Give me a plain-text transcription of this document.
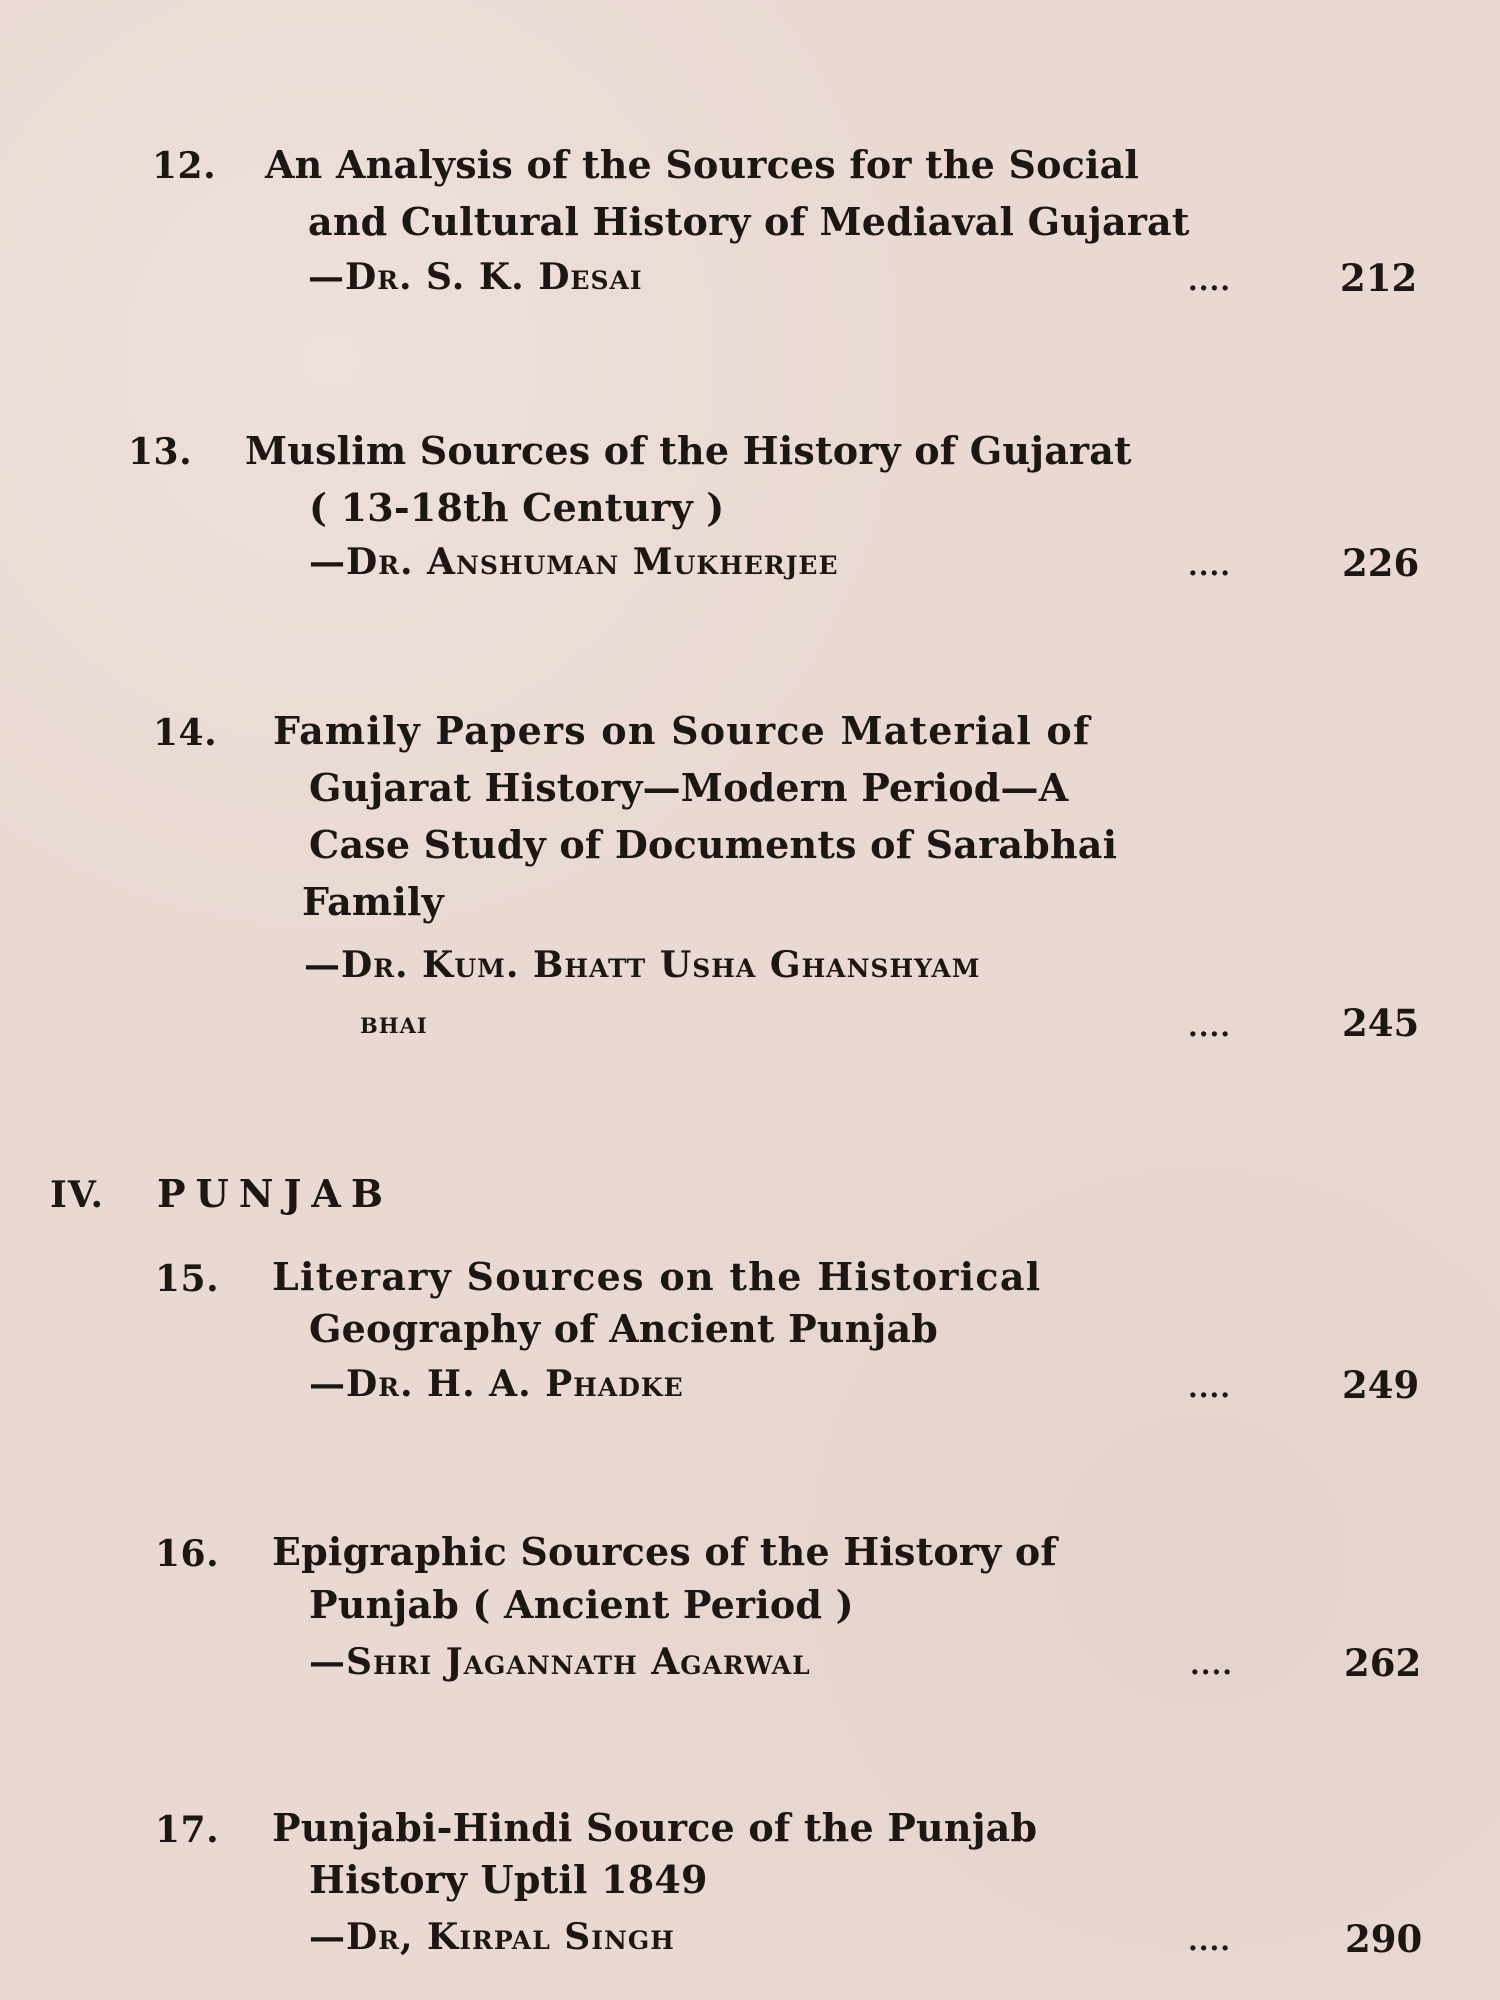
12. An Analysis of the Sources for the Social
and Cultural History of Mediaval Gujarat
—Dr. S. K. Desai	....	212
13. Muslim Sources of the History of Gujarat
( 13-18th Century )
—Dr. Anshuman Mukherjee	....	226
14. Family Papers on Source Material of
Gujarat History—Modern Period—A
Case Study of Documents of Sarabhai
Family
—Dr. Kum. Bhatt Usha Ghanshyam
bhai	....	245
IV. PUNJAB
15. Literary Sources on the Historical
Geography of Ancient Punjab
—Dr. H. A. Phadke	....	249
16. Epigraphic Sources of the History of
Punjab ( Ancient Period )
—Shri Jagannath Agarwal	....	262
17. Punjabi-Hindi Source of the Punjab
History Uptil 1849
—Dr, Kirpal Singh	....	290
